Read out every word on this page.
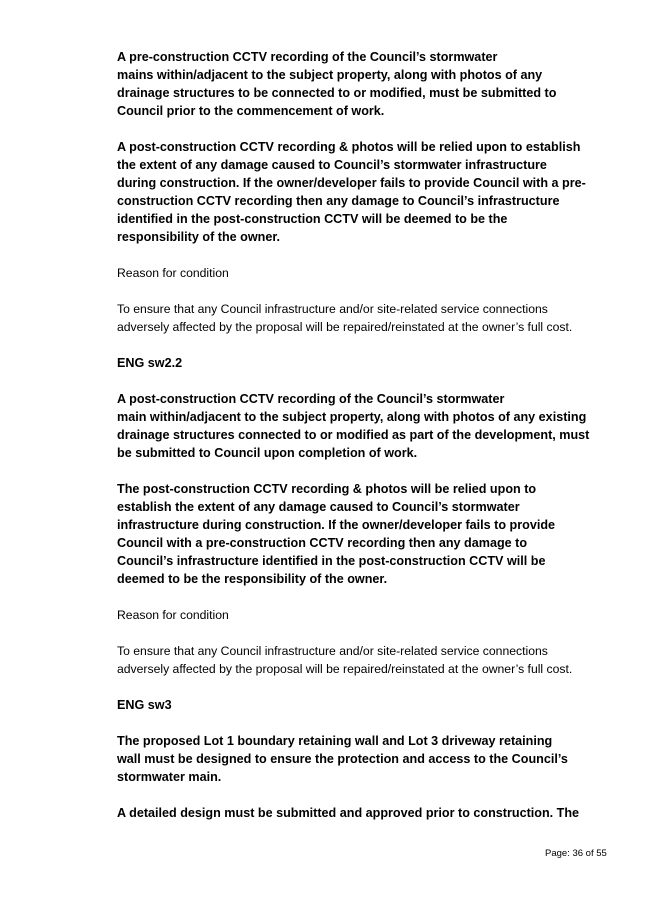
A pre-construction CCTV recording of the Council’s stormwater
mains within/adjacent to the subject property, along with photos of any
drainage structures to be connected to or modified, must be submitted to
Council prior to the commencement of work.

A post-construction CCTV recording & photos will be relied upon to establish
the extent of any damage caused to Council’s stormwater infrastructure
during construction. If the owner/developer fails to provide Council with a pre-
construction CCTV recording then any damage to Council’s infrastructure
identified in the post-construction CCTV will be deemed to be the
responsibility of the owner.

Reason for condition

To ensure that any Council infrastructure and/or site-related service connections
adversely affected by the proposal will be repaired/reinstated at the owner’s full cost.

ENG sw2.2

A post-construction CCTV recording of the Council’s stormwater
main within/adjacent to the subject property, along with photos of any existing
drainage structures connected to or modified as part of the development, must
be submitted to Council upon completion of work.

The post-construction CCTV recording & photos will be relied upon to
establish the extent of any damage caused to Council’s stormwater
infrastructure during construction. If the owner/developer fails to provide
Council with a pre-construction CCTV recording then any damage to
Council’s infrastructure identified in the post-construction CCTV will be
deemed to be the responsibility of the owner.

Reason for condition

To ensure that any Council infrastructure and/or site-related service connections
adversely affected by the proposal will be repaired/reinstated at the owner’s full cost.

ENG sw3

The proposed Lot 1 boundary retaining wall and Lot 3 driveway retaining
wall must be designed to ensure the protection and access to the Council’s
stormwater main.

A detailed design must be submitted and approved prior to construction. The

Page: 36 of 55
